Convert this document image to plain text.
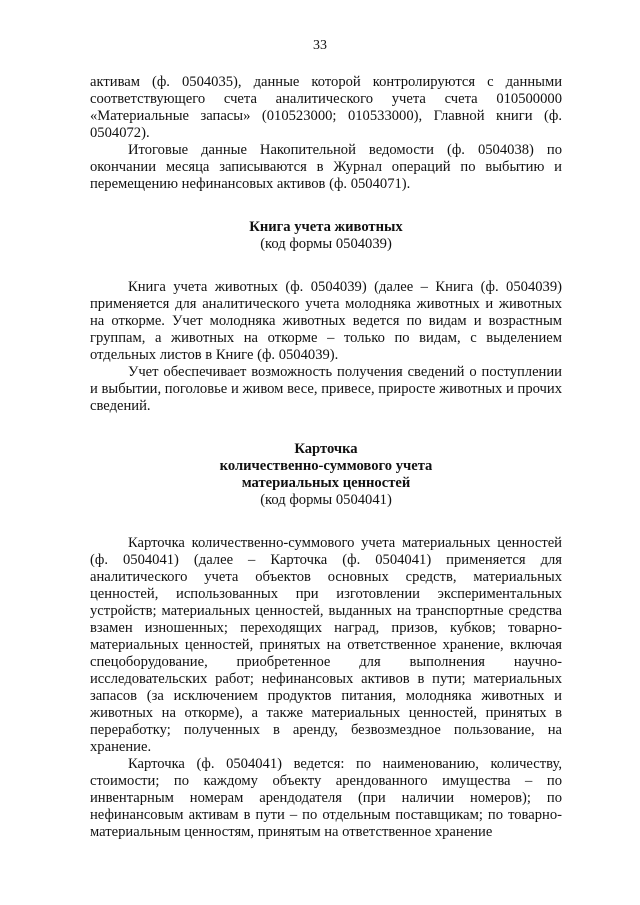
33

активам (ф. 0504035), данные которой контролируются с данными соответствующего счета аналитического учета счета 010500000 «Материальные запасы» (010523000; 010533000), Главной книги (ф. 0504072).

Итоговые данные Накопительной ведомости (ф. 0504038) по окончании месяца записываются в Журнал операций по выбытию и перемещению нефинансовых активов (ф. 0504071).

Книга учета животных
(код формы 0504039)

Книга учета животных (ф. 0504039) (далее – Книга (ф. 0504039) применяется для аналитического учета молодняка животных и животных на откорме. Учет молодняка животных ведется по видам и возрастным группам, а животных на откорме – только по видам, с выделением отдельных листов в Книге (ф. 0504039).

Учет обеспечивает возможность получения сведений о поступлении и выбытии, поголовье и живом весе, привесе, приросте животных и прочих сведений.

Карточка
количественно-суммового учета
материальных ценностей
(код формы 0504041)

Карточка количественно-суммового учета материальных ценностей (ф. 0504041) (далее – Карточка (ф. 0504041) применяется для аналитического учета объектов основных средств, материальных ценностей, использованных при изготовлении экспериментальных устройств; материальных ценностей, выданных на транспортные средства взамен изношенных; переходящих наград, призов, кубков; товарно-материальных ценностей, принятых на ответственное хранение, включая спецоборудование, приобретенное для выполнения научно-исследовательских работ; нефинансовых активов в пути; материальных запасов (за исключением продуктов питания, молодняка животных и животных на откорме), а также материальных ценностей, принятых в переработку; полученных в аренду, безвозмездное пользование, на хранение.

Карточка (ф. 0504041) ведется: по наименованию, количеству, стоимости; по каждому объекту арендованного имущества – по инвентарным номерам арендодателя (при наличии номеров); по нефинансовым активам в пути – по отдельным поставщикам; по товарно-материальным ценностям, принятым на ответственное хранение
